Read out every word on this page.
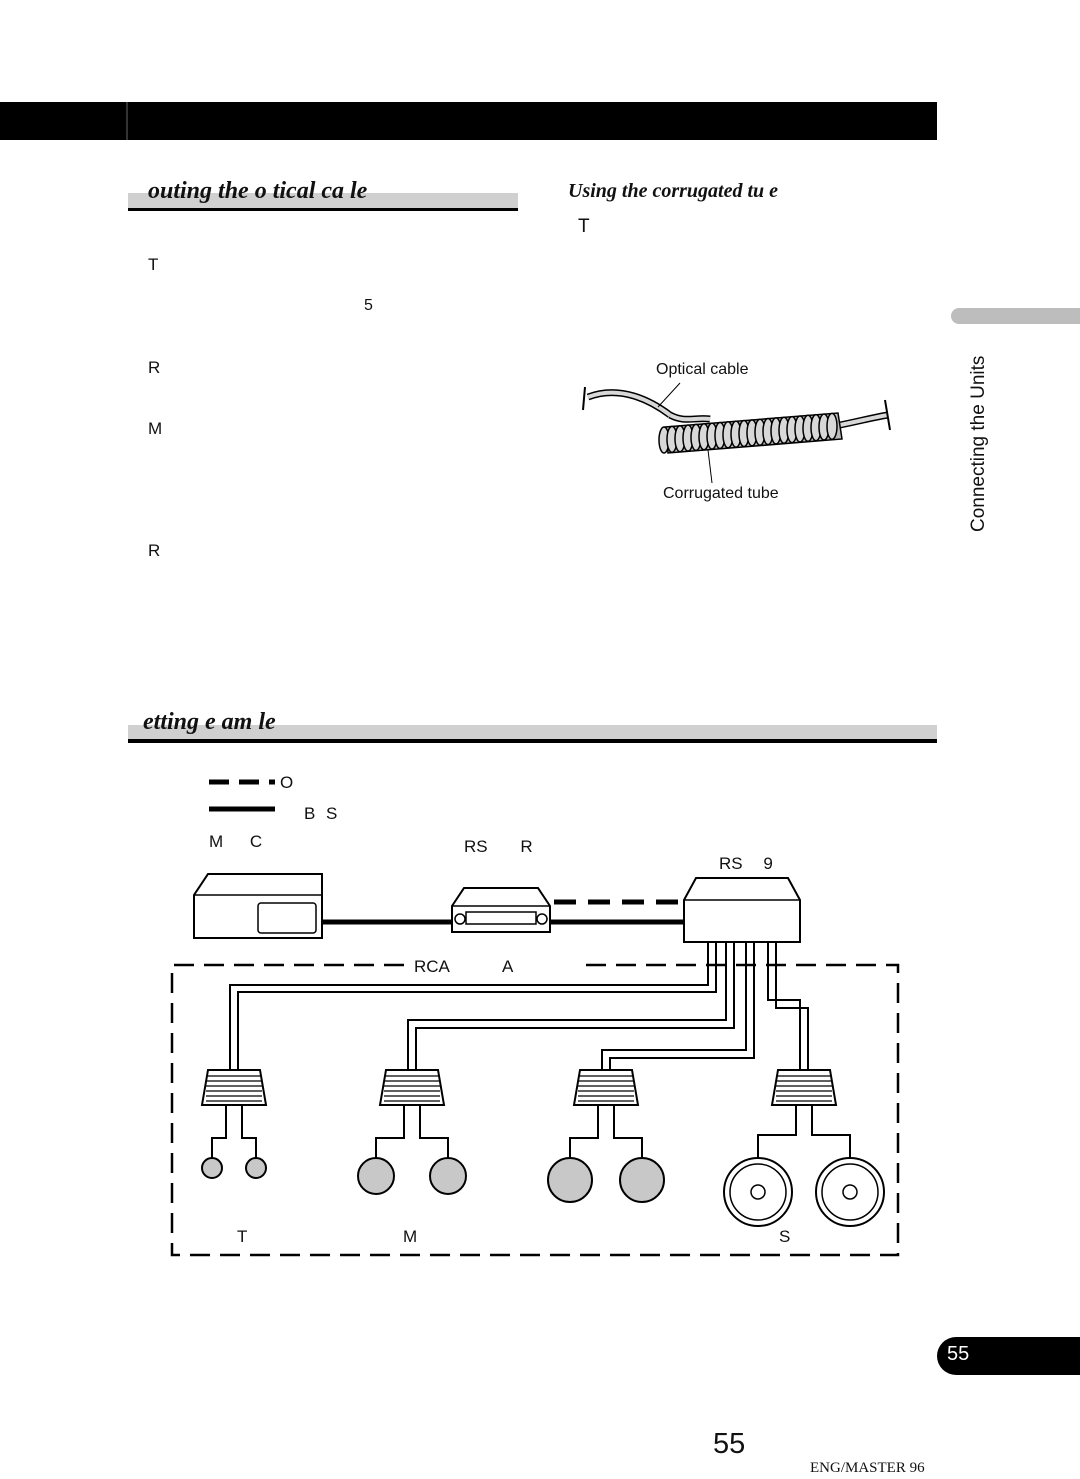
outing the o tical ca le
T
5
R
M
R
Using the corrugated tu e
T
Optical cable
Corrugated tube	Connecting the Units
etting e am le
O
B S
M C	RS R
RS 9
RCA	A
T	M	S
55
55
ENG/MASTER 96
